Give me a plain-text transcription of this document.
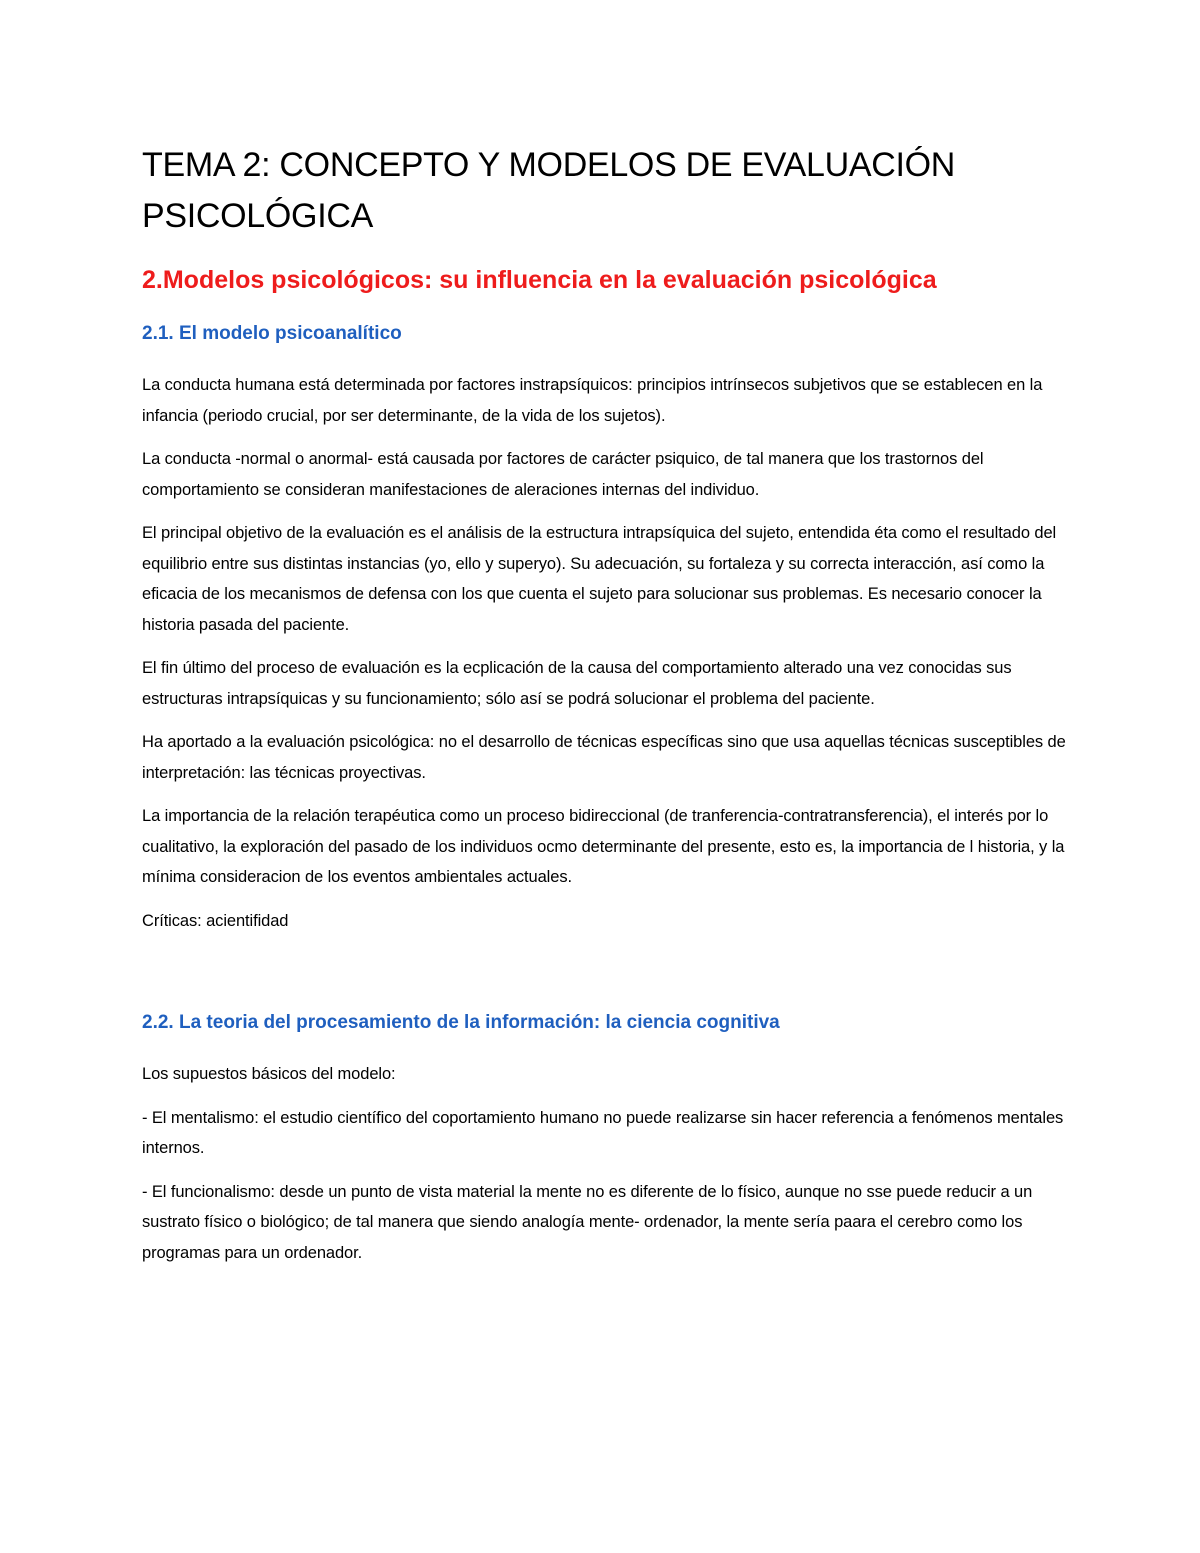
TEMA 2: CONCEPTO Y MODELOS DE EVALUACIÓN PSICOLÓGICA
2.Modelos psicológicos: su influencia en la evaluación psicológica
2.1. El modelo psicoanalítico

La conducta humana está determinada por factores instrapsíquicos: principios intrínsecos subjetivos que se establecen en la infancia (periodo crucial, por ser determinante, de la vida de los sujetos).

La conducta -normal o anormal- está causada por factores de carácter psiquico, de tal manera que los trastornos del comportamiento se consideran manifestaciones de aleraciones internas del individuo.

El principal objetivo de la evaluación es el análisis de la estructura intrapsíquica del sujeto, entendida éta como el resultado del equilibrio entre sus distintas instancias (yo, ello y superyo). Su adecuación, su fortaleza y su correcta interacción, así como la eficacia de los mecanismos de defensa con los que cuenta el sujeto para solucionar sus problemas. Es necesario conocer la historia pasada del paciente.

El fin último del proceso de evaluación es la ecplicación de la causa del comportamiento alterado una vez conocidas sus estructuras intrapsíquicas y su funcionamiento; sólo así se podrá solucionar el problema del paciente.

Ha aportado a la evaluación psicológica: no el desarrollo de técnicas específicas sino que usa aquellas técnicas susceptibles de interpretación: las técnicas proyectivas.

La importancia de la relación terapéutica como un proceso bidireccional (de tranferencia-contratransferencia), el interés por lo cualitativo, la exploración del pasado de los individuos ocmo determinante del presente, esto es, la importancia de l historia, y la mínima consideracion de los eventos ambientales actuales.

Críticas: acientifidad

2.2. La teoria del procesamiento de la información: la ciencia cognitiva

Los supuestos básicos del modelo:

- El mentalismo: el estudio científico del coportamiento humano no puede realizarse sin hacer referencia a fenómenos mentales internos.

- El funcionalismo: desde un punto de vista material la mente no es diferente de lo físico, aunque no sse puede reducir a un sustrato físico o biológico; de tal manera que siendo analogía mente- ordenador, la mente sería paara el cerebro como los programas para un ordenador.
